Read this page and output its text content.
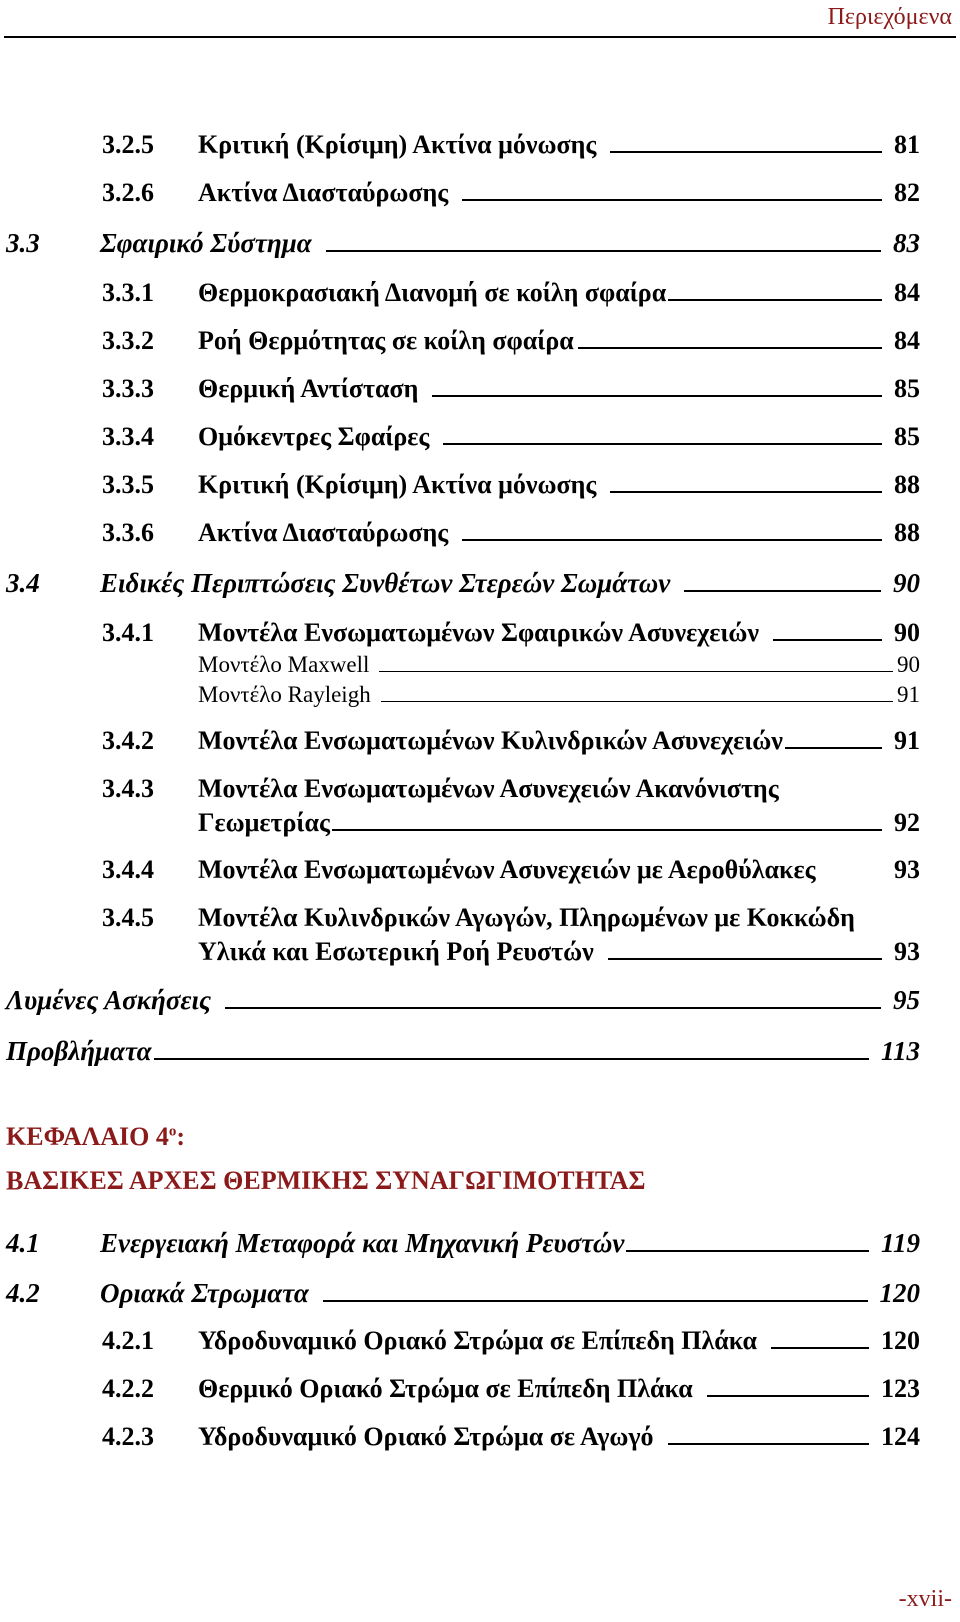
Περιεχόμενα
3.2.5	Κριτική (Κρίσιμη) Ακτίνα μόνωσης	81
3.2.6	Ακτίνα Διασταύρωσης	82
3.3	Σφαιρικό Σύστημα	83
3.3.1	Θερμοκρασιακή Διανομή σε κοίλη σφαίρα	84
3.3.2	Ροή Θερμότητας σε κοίλη σφαίρα	84
3.3.3	Θερμική Αντίσταση	85
3.3.4	Ομόκεντρες Σφαίρες	85
3.3.5	Κριτική (Κρίσιμη) Ακτίνα μόνωσης	88
3.3.6	Ακτίνα Διασταύρωσης	88
3.4	Ειδικές Περιπτώσεις Συνθέτων Στερεών Σωμάτων	90
3.4.1	Μοντέλα Ενσωματωμένων Σφαιρικών Ασυνεχειών	90
Μοντέλο Maxwell	90
Μοντέλο Rayleigh	91
3.4.2	Μοντέλα Ενσωματωμένων Κυλινδρικών Ασυνεχειών	91
3.4.3 Μοντέλα Ενσωματωμένων Ασυνεχειών Ακανόνιστης
Γεωμετρίας	92
3.4.4	Μοντέλα Ενσωματωμένων Ασυνεχειών με Αεροθύλακες	93
3.4.5 Μοντέλα Κυλινδρικών Αγωγών, Πληρωμένων με Κοκκώδη
Υλικά και Εσωτερική Ροή Ρευστών	93
Λυμένες Ασκήσεις	95
Προβλήματα	113
ΚΕΦΑΛΑΙΟ $4^o$:
ΒΑΣΙΚΕΣ ΑΡΧΕΣ ΘΕΡΜΙΚΗΣ ΣΥΝΑΓΩΓΙΜΟΤΗΤΑΣ
4.1	Ενεργειακή Μεταφορά και Μηχανική Ρευστών	119
4.2	Οριακά Στρωματα	120
4.2.1	Υδροδυναμικό Οριακό Στρώμα σε Επίπεδη Πλάκα	120
4.2.2	Θερμικό Οριακό Στρώμα σε Επίπεδη Πλάκα	123
4.2.3	Υδροδυναμικό Οριακό Στρώμα σε Αγωγό	124
-xvii-
